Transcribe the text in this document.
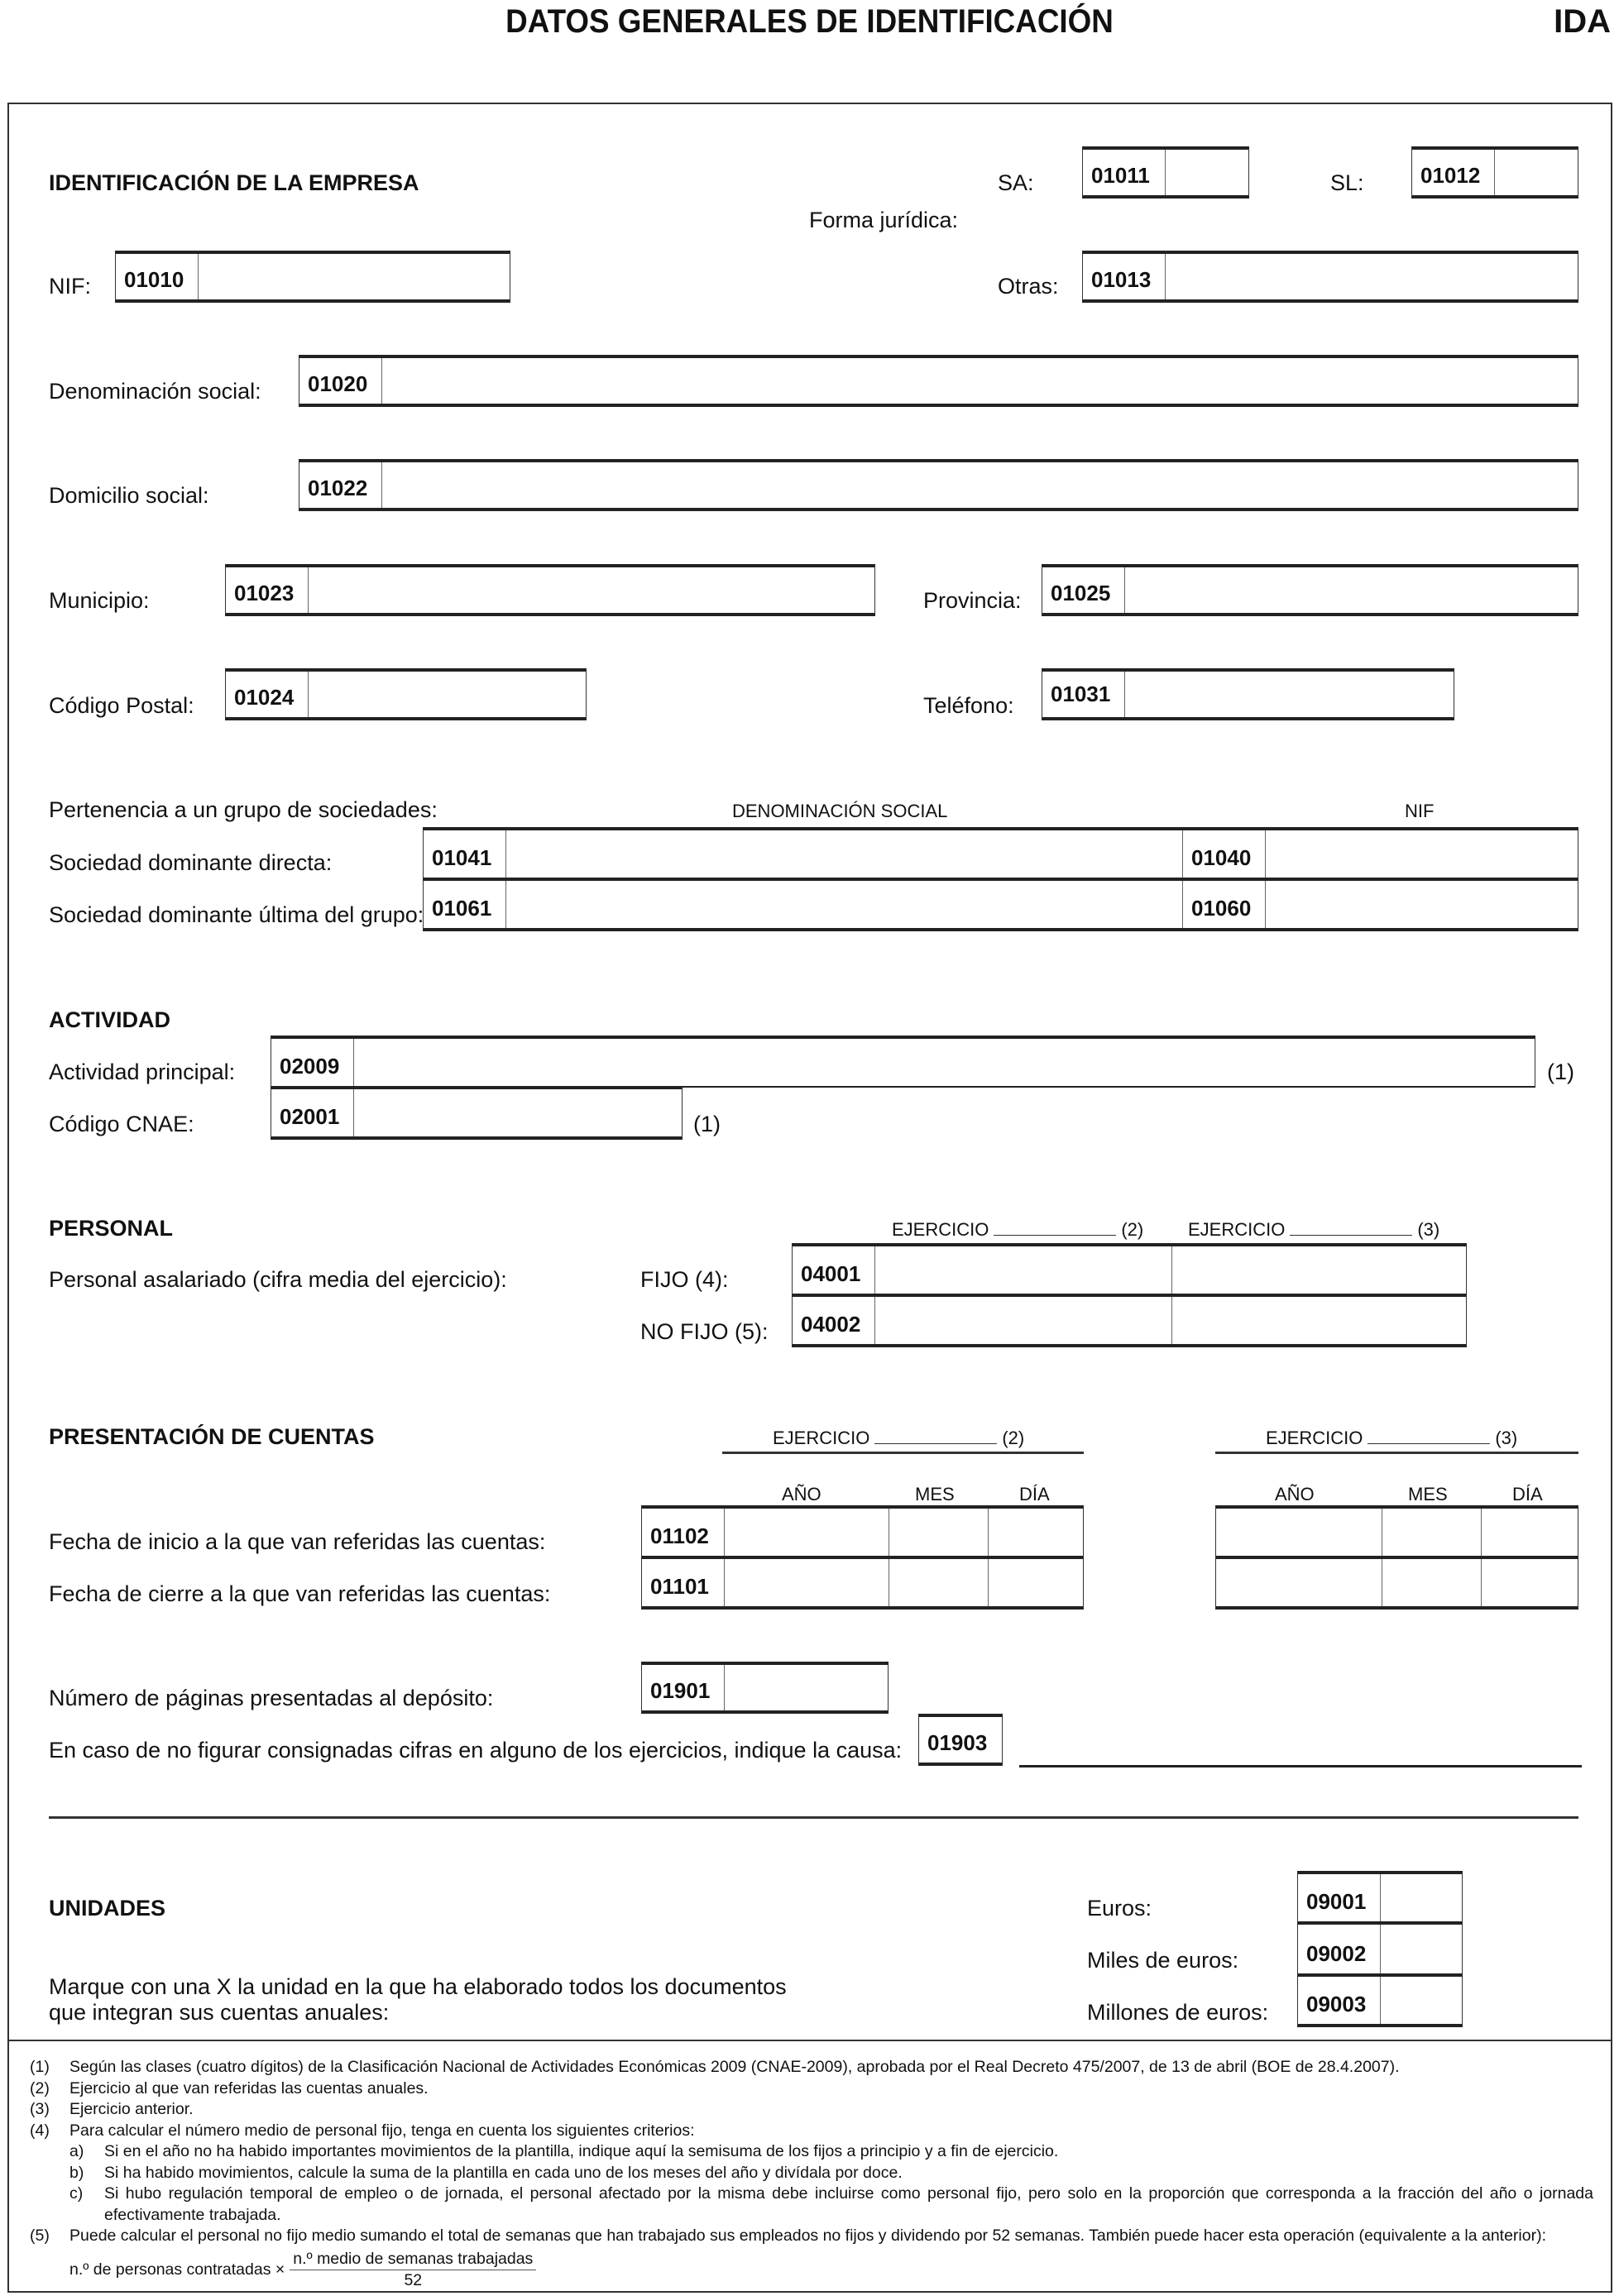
DATOS GENERALES DE IDENTIFICACIÓN	IDA
IDENTIFICACIÓN DE LA EMPRESA
Forma jurídica:
SA:	01011	SL:	01012
NIF:	01010	Otras:	01013
Denominación social:	01020
Domicilio social:	01022
Municipio:	01023	Provincia:	01025
Código Postal:	01024	Teléfono:	01031
Pertenencia a un grupo de sociedades:	DENOMINACIÓN SOCIAL	NIF
Sociedad dominante directa:	01041	01040
Sociedad dominante última del grupo: 01061	01060
ACTIVIDAD
Actividad principal:	02009	(1)
Código CNAE:	02001	(1)
PERSONAL	EJERCICIO	(2) EJERCICIO	(3)
Personal asalariado (cifra media del ejercicio):	FIJO (4):	04001
NO FIJO (5):	04002
PRESENTACIÓN DE CUENTAS	EJERCICIO	(2)	EJERCICIO	(3)
AÑO	MES	DÍA	AÑO	MES	DÍA
Fecha de inicio a la que van referidas las cuentas:	01102
Fecha de cierre a la que van referidas las cuentas:	01101
Número de páginas presentadas al depósito:	01901
En caso de no figurar consignadas cifras en alguno de los ejercicios, indique la causa:	01903
UNIDADES
Marque con una X la unidad en la que ha elaborado todos los documentos
que integran sus cuentas anuales:
Euros:	09001
Miles de euros:	09002
Millones de euros:	09003
(1)	Según las clases (cuatro dígitos) de la Clasificación Nacional de Actividades Económicas 2009 (CNAE-2009), aprobada por el Real Decreto 475/2007, de 13 de abril (BOE de 28.4.2007).
(2)	Ejercicio al que van referidas las cuentas anuales.
(3)	Ejercicio anterior.
(4)	Para calcular el número medio de personal fijo, tenga en cuenta los siguientes criterios:
a)	Si en el año no ha habido importantes movimientos de la plantilla, indique aquí la semisuma de los fijos a principio y a fin de ejercicio.
b)	Si ha habido movimientos, calcule la suma de la plantilla en cada uno de los meses del año y divídala por doce.
c)	Si hubo regulación temporal de empleo o de jornada, el personal afectado por la misma debe incluirse como personal fijo, pero solo en la proporción que corresponda a la fracción del año o jornada efectivamente trabajada.
(5)	Puede calcular el personal no fijo medio sumando el total de semanas que han trabajado sus empleados no fijos y dividendo por 52 semanas. También puede hacer esta operación (equivalente a la anterior):
n.º de personas contratadas × $\frac{\text{n.º medio de semanas trabajadas}}{52}$
